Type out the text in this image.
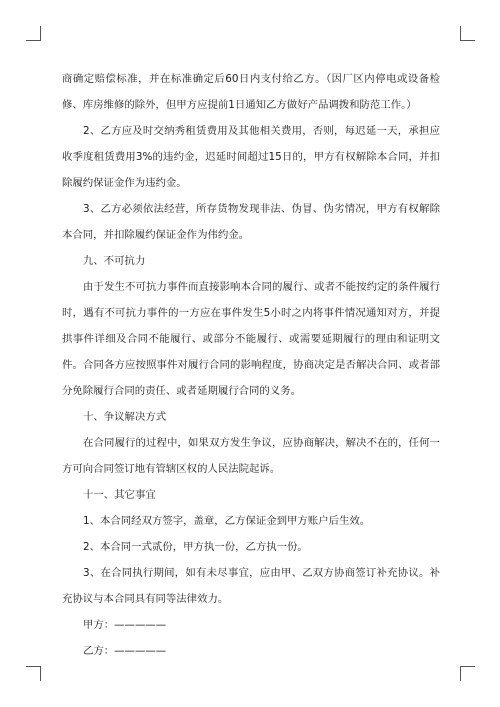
商确定赔偿标准，并在标准确定后60日内支付给乙方。（因厂区内停电或设备检修、库房维修的除外，但甲方应提前1日通知乙方做好产品调拨和防范工作。）

2、乙方应及时交纳秀租赁费用及其他相关费用，否则，每迟延一天，承担应收季度租赁费用3%的违约金，迟延时间超过15日的，甲方有权解除本合同，并扣除履约保证金作为违约金。

3、乙方必须依法经营，所存货物发现非法、伪冒、伪劣情况，甲方有权解除本合同，并扣除履约保证金作为伟约金。

九、不可抗力

由于发生不可抗力事件而直接影响本合同的履行、或者不能按约定的条件履行时，遇有不可抗力事件的一方应在事件发生5小时之内将事件情况通知对方，并提拱事件详细及合同不能履行、或部分不能履行、或需要延期履行的理由和证明文件。合同各方应按照事件对履行合同的影响程度，协商决定是否解决合同、或者部分免除履行合同的责任、或者延期履行合同的义务。

十、争议解决方式

在合同履行的过程中，如果双方发生争议，应协商解决，解决不在的，任何一方可向合同签订地有管辖区权的人民法院起诉。

十一、其它事宜

1、本合同经双方签字，盖章，乙方保证金到甲方账户后生效。

2、本合同一式贰份，甲方执一份，乙方执一份。

3、在合同执行期间，如有未尽事宜，应由甲、乙双方协商签订补充协议。补充协议与本合同具有同等法律效力。

甲方：—————

乙方：—————
